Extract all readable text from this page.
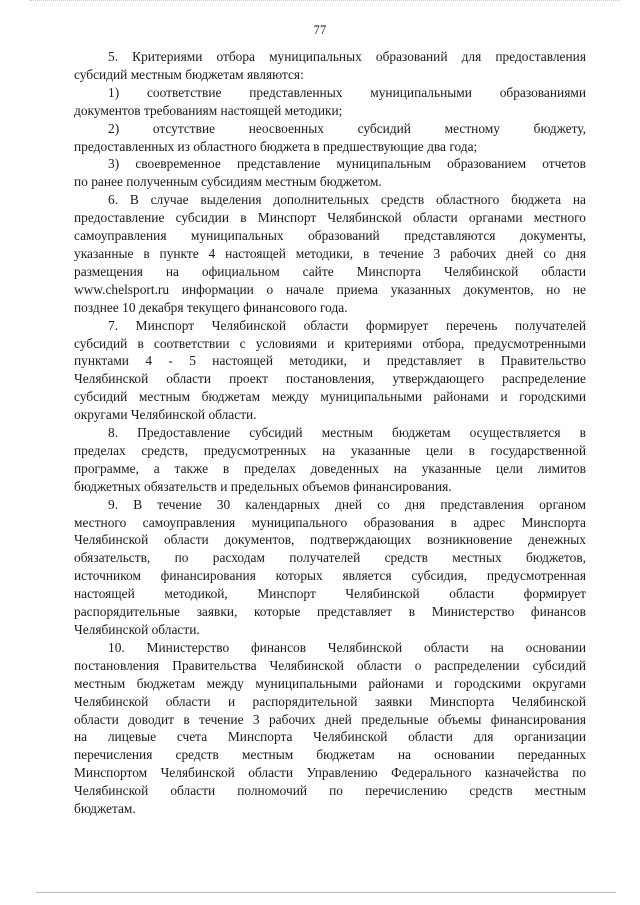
77

5. Критериями отбора муниципальных образований для предоставления
субсидий местным бюджетам являются:

1) соответствие представленных муниципальными образованиями
документов требованиям настоящей методики;

2) отсутствие неосвоенных субсидий местному бюджету,
предоставленных из областного бюджета в предшествующие два года;

3) своевременное представление муниципальным образованием отчетов
по ранее полученным субсидиям местным бюджетом.

6. В случае выделения дополнительных средств областного бюджета на
предоставление субсидии в Минспорт Челябинской области органами местного
самоуправления муниципальных образований представляются документы,
указанные в пункте 4 настоящей методики, в течение 3 рабочих дней со дня
размещения на официальном сайте Минспорта Челябинской области
www.chelsport.ru информации о начале приема указанных документов, но не
позднее 10 декабря текущего финансового года.

7. Минспорт Челябинской области формирует перечень получателей
субсидий в соответствии с условиями и критериями отбора, предусмотренными
пунктами 4 - 5 настоящей методики, и представляет в Правительство
Челябинской области проект постановления, утверждающего распределение
субсидий местным бюджетам между муниципальными районами и городскими
округами Челябинской области.

8. Предоставление субсидий местным бюджетам осуществляется в
пределах средств, предусмотренных на указанные цели в государственной
программе, а также в пределах доведенных на указанные цели лимитов
бюджетных обязательств и предельных объемов финансирования.

9. В течение 30 календарных дней со дня представления органом
местного самоуправления муниципального образования в адрес Минспорта
Челябинской области документов, подтверждающих возникновение денежных
обязательств, по расходам получателей средств местных бюджетов,
источником финансирования которых является субсидия, предусмотренная
настоящей методикой, Минспорт Челябинской области формирует
распорядительные заявки, которые представляет в Министерство финансов
Челябинской области.

10. Министерство финансов Челябинской области на основании
постановления Правительства Челябинской области о распределении субсидий
местным бюджетам между муниципальными районами и городскими округами
Челябинской области и распорядительной заявки Минспорта Челябинской
области доводит в течение 3 рабочих дней предельные объемы финансирования
на лицевые счета Минспорта Челябинской области для организации
перечисления средств местным бюджетам на основании переданных
Минспортом Челябинской области Управлению Федерального казначейства по
Челябинской области полномочий по перечислению средств местным
бюджетам.
